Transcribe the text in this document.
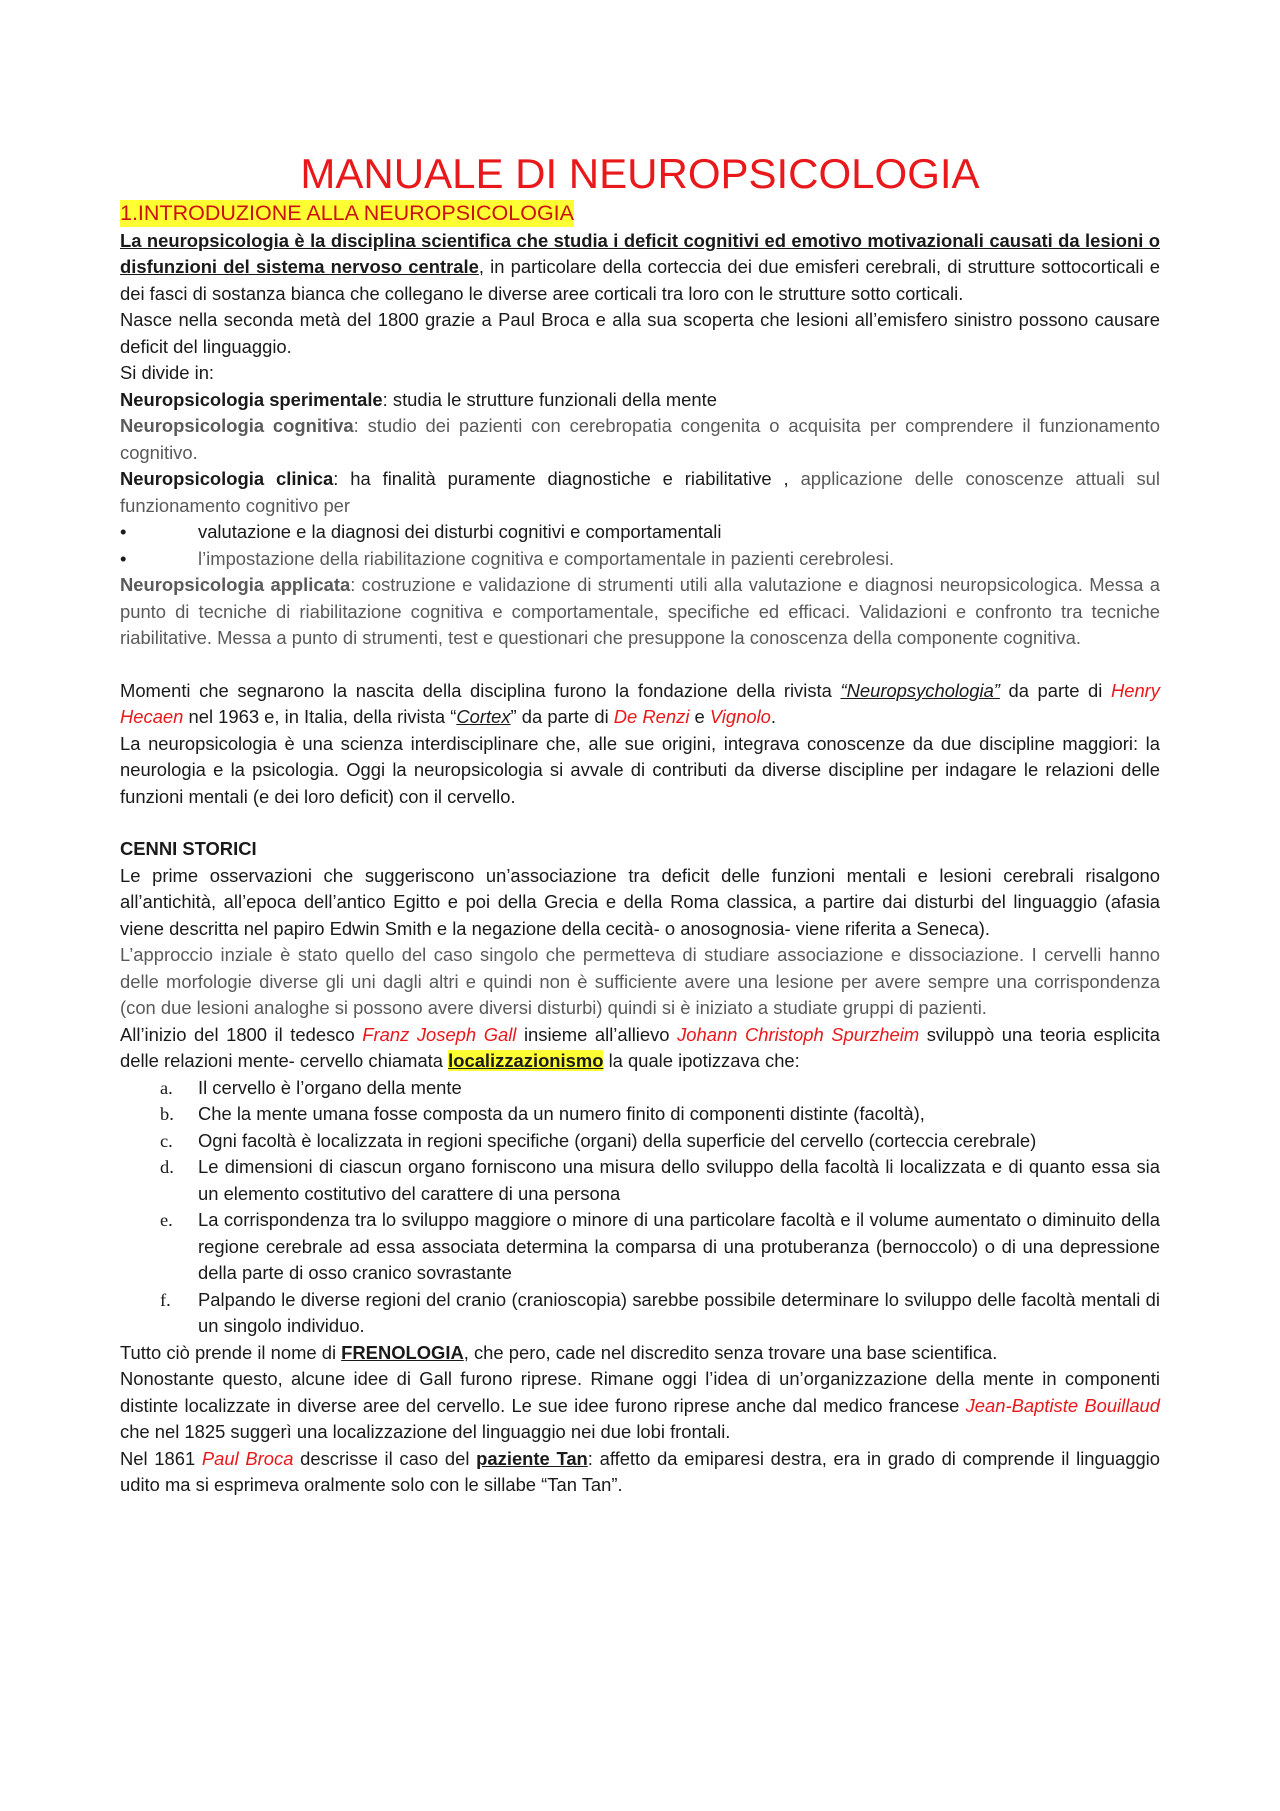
MANUALE DI NEUROPSICOLOGIA
1.INTRODUZIONE ALLA NEUROPSICOLOGIA

La neuropsicologia è la disciplina scientifica che studia i deficit cognitivi ed emotivo motivazionali causati da lesioni o disfunzioni del sistema nervoso centrale, in particolare della corteccia dei due emisferi cerebrali, di strutture sottocorticali e dei fasci di sostanza bianca che collegano le diverse aree corticali tra loro con le strutture sotto corticali.

Nasce nella seconda metà del 1800 grazie a Paul Broca e alla sua scoperta che lesioni all’emisfero sinistro possono causare deficit del linguaggio.

Si divide in:

Neuropsicologia sperimentale: studia le strutture funzionali della mente

Neuropsicologia cognitiva: studio dei pazienti con cerebropatia congenita o acquisita per comprendere il funzionamento cognitivo.

Neuropsicologia clinica: ha finalità puramente diagnostiche e riabilitative , applicazione delle conoscenze attuali sul funzionamento cognitivo per

•	valutazione e la diagnosi dei disturbi cognitivi e comportamentali
•	l’impostazione della riabilitazione cognitiva e comportamentale in pazienti cerebrolesi.

Neuropsicologia applicata: costruzione e validazione di strumenti utili alla valutazione e diagnosi neuropsicologica. Messa a punto di tecniche di riabilitazione cognitiva e comportamentale, specifiche ed efficaci. Validazioni e confronto tra tecniche riabilitative. Messa a punto di strumenti, test e questionari che presuppone la conoscenza della componente cognitiva.

Momenti che segnarono la nascita della disciplina furono la fondazione della rivista “Neuropsychologia” da parte di Henry Hecaen nel 1963 e, in Italia, della rivista “Cortex” da parte di De Renzi e Vignolo.

La neuropsicologia è una scienza interdisciplinare che, alle sue origini, integrava conoscenze da due discipline maggiori: la neurologia e la psicologia. Oggi la neuropsicologia si avvale di contributi da diverse discipline per indagare le relazioni delle funzioni mentali (e dei loro deficit) con il cervello.

CENNI STORICI

Le prime osservazioni che suggeriscono un’associazione tra deficit delle funzioni mentali e lesioni cerebrali risalgono all’antichità, all’epoca dell’antico Egitto e poi della Grecia e della Roma classica, a partire dai disturbi del linguaggio (afasia viene descritta nel papiro Edwin Smith e la negazione della cecità- o anosognosia- viene riferita a Seneca).

L’approccio inziale è stato quello del caso singolo che permetteva di studiare associazione e dissociazione. I cervelli hanno delle morfologie diverse gli uni dagli altri e quindi non è sufficiente avere una lesione per avere sempre una corrispondenza (con due lesioni analoghe si possono avere diversi disturbi) quindi si è iniziato a studiate gruppi di pazienti.

All’inizio del 1800 il tedesco Franz Joseph Gall insieme all’allievo Johann Christoph Spurzheim sviluppò una teoria esplicita delle relazioni mente- cervello chiamata localizzazionismo la quale ipotizzava che:

a. Il cervello è l’organo della mente
b. Che la mente umana fosse composta da un numero finito di componenti distinte (facoltà),
c. Ogni facoltà è localizzata in regioni specifiche (organi) della superficie del cervello (corteccia cerebrale)
d. Le dimensioni di ciascun organo forniscono una misura dello sviluppo della facoltà li localizzata e di quanto essa sia un elemento costitutivo del carattere di una persona
e. La corrispondenza tra lo sviluppo maggiore o minore di una particolare facoltà e il volume aumentato o diminuito della regione cerebrale ad essa associata determina la comparsa di una protuberanza (bernoccolo) o di una depressione della parte di osso cranico sovrastante
f. Palpando le diverse regioni del cranio (cranioscopia) sarebbe possibile determinare lo sviluppo delle facoltà mentali di un singolo individuo.

Tutto ciò prende il nome di FRENOLOGIA, che pero, cade nel discredito senza trovare una base scientifica.

Nonostante questo, alcune idee di Gall furono riprese. Rimane oggi l’idea di un’organizzazione della mente in componenti distinte localizzate in diverse aree del cervello. Le sue idee furono riprese anche dal medico francese Jean-Baptiste Bouillaud che nel 1825 suggerì una localizzazione del linguaggio nei due lobi frontali.

Nel 1861 Paul Broca descrisse il caso del paziente Tan: affetto da emiparesi destra, era in grado di comprende il linguaggio udito ma si esprimeva oralmente solo con le sillabe “Tan Tan”.
